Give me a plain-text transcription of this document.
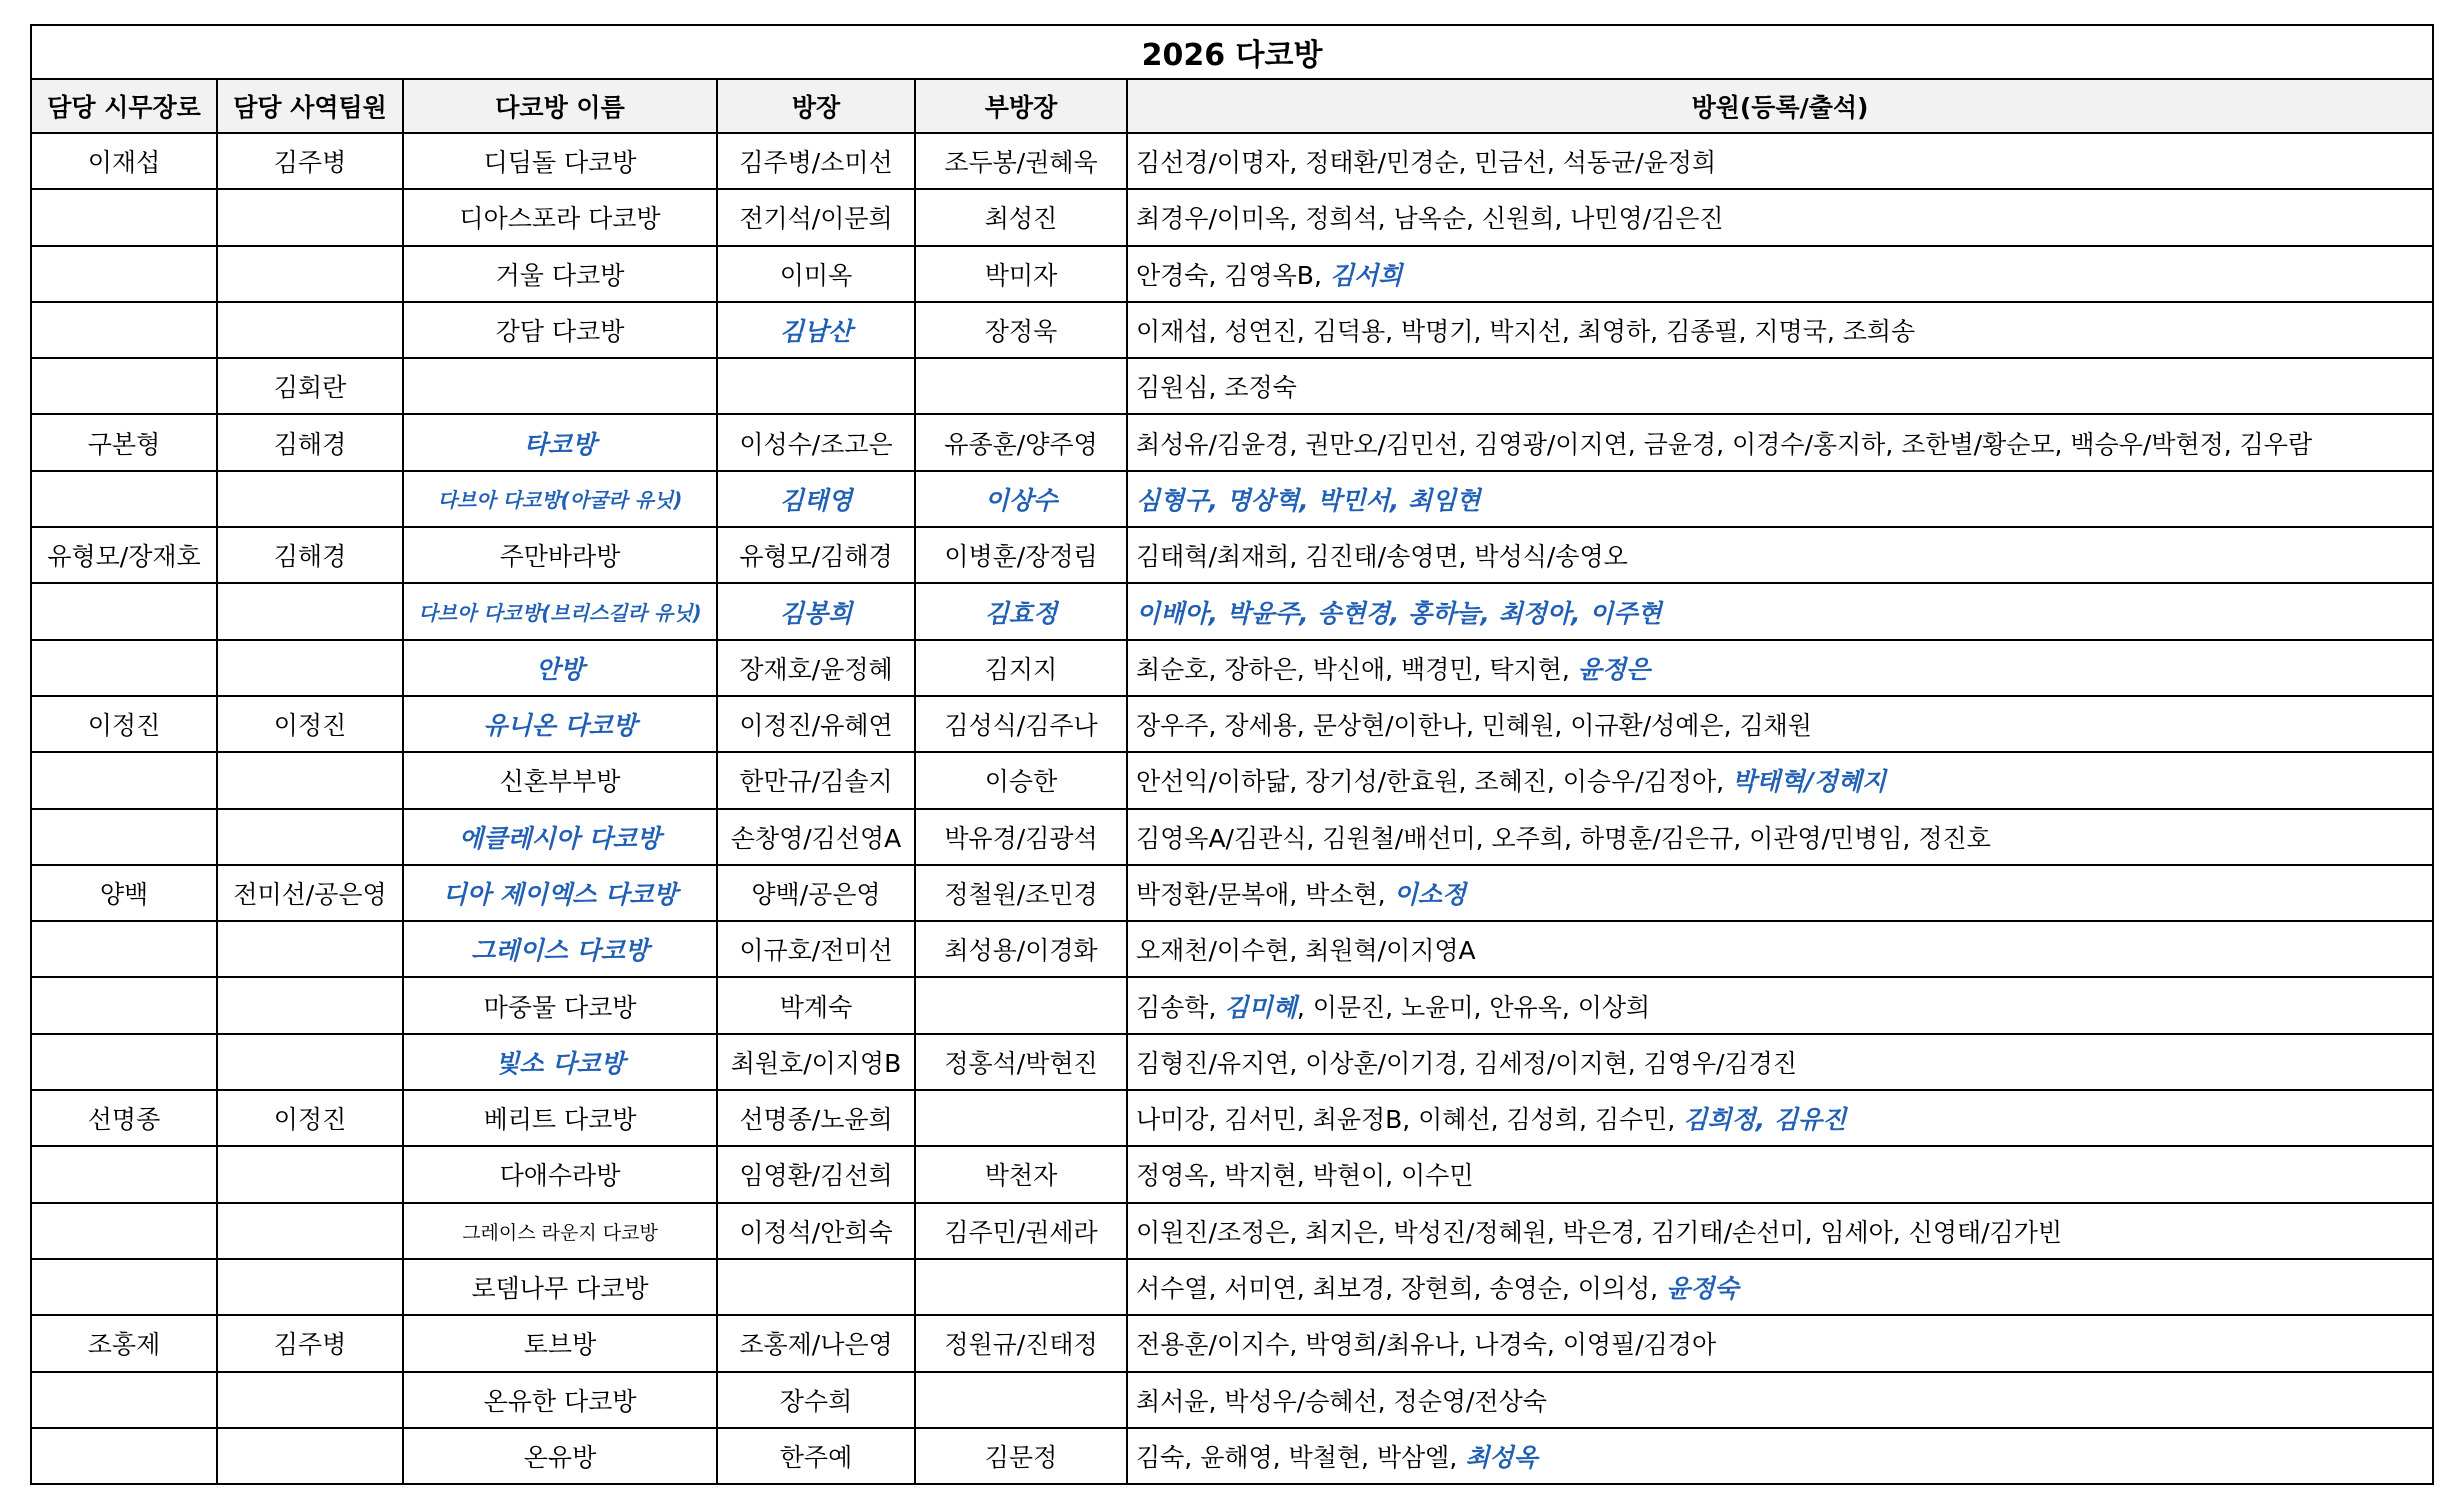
2026 다코방					
담당 시무장로	담당 사역팀원	다코방 이름	방장	부방장	방원(등록/출석)
이재섭	김주병	디딤돌 다코방	김주병/소미선	조두봉/권혜욱	김선경/이명자, 정태환/민경순, 민금선, 석동균/윤정희
		디아스포라 다코방	전기석/이문희	최성진	최경우/이미옥, 정희석, 남옥순, 신원희, 나민영/김은진
		거울 다코방	이미옥	박미자	안경숙, 김영옥B, 김서희
		강담 다코방	김남산	장정욱	이재섭, 성연진, 김덕용, 박명기, 박지선, 최영하, 김종필, 지명국, 조희송
	김회란				김원심, 조정숙
구본형	김해경	타코방	이성수/조고은	유종훈/양주영	최성유/김윤경, 권만오/김민선, 김영광/이지연, 금윤경, 이경수/홍지하, 조한별/황순모, 백승우/박현정, 김우람
		다브아 다코방(아굴라 유닛)	김태영	이상수	심형구, 명상혁, 박민서, 최임현
유형모/장재호	김해경	주만바라방	유형모/김해경	이병훈/장정림	김태혁/최재희, 김진태/송영면, 박성식/송영오
		다브아 다코방(브리스길라 유닛)	김봉희	김효정	이배아, 박윤주, 송현경, 홍하늘, 최정아, 이주현
		안방	장재호/윤정혜	김지지	최순호, 장하은, 박신애, 백경민, 탁지현, 윤정은
이정진	이정진	유니온 다코방	이정진/유혜연	김성식/김주나	장우주, 장세용, 문상현/이한나, 민혜원, 이규환/성예은, 김채원
		신혼부부방	한만규/김솔지	이승한	안선익/이하닮, 장기성/한효원, 조혜진, 이승우/김정아, 박태혁/정혜지
		에클레시아 다코방	손창영/김선영A	박유경/김광석	김영옥A/김관식, 김원철/배선미, 오주희, 하명훈/김은규, 이관영/민병임, 정진호
양백	전미선/공은영	디아 제이엑스 다코방	양백/공은영	정철원/조민경	박정환/문복애, 박소현, 이소정
		그레이스 다코방	이규호/전미선	최성용/이경화	오재천/이수현, 최원혁/이지영A
		마중물 다코방	박계숙		김송학, 김미혜, 이문진, 노윤미, 안유옥, 이상희
		빛소 다코방	최원호/이지영B	정홍석/박현진	김형진/유지연, 이상훈/이기경, 김세정/이지현, 김영우/김경진
선명종	이정진	베리트 다코방	선명종/노윤희		나미강, 김서민, 최윤정B, 이혜선, 김성희, 김수민, 김희정, 김유진
		다애수라방	임영환/김선희	박천자	정영옥, 박지현, 박현이, 이수민
		그레이스 라운지 다코방	이정석/안희숙	김주민/권세라	이원진/조정은, 최지은, 박성진/정혜원, 박은경, 김기태/손선미, 임세아, 신영태/김가빈
		로뎀나무 다코방			서수열, 서미연, 최보경, 장현희, 송영순, 이의성, 윤정숙
조홍제	김주병	토브방	조홍제/나은영	정원규/진태정	전용훈/이지수, 박영희/최유나, 나경숙, 이영필/김경아
		온유한 다코방	장수희		최서윤, 박성우/승혜선, 정순영/전상숙
		온유방	한주예	김문정	김숙, 윤해영, 박철현, 박삼엘, 최성옥
